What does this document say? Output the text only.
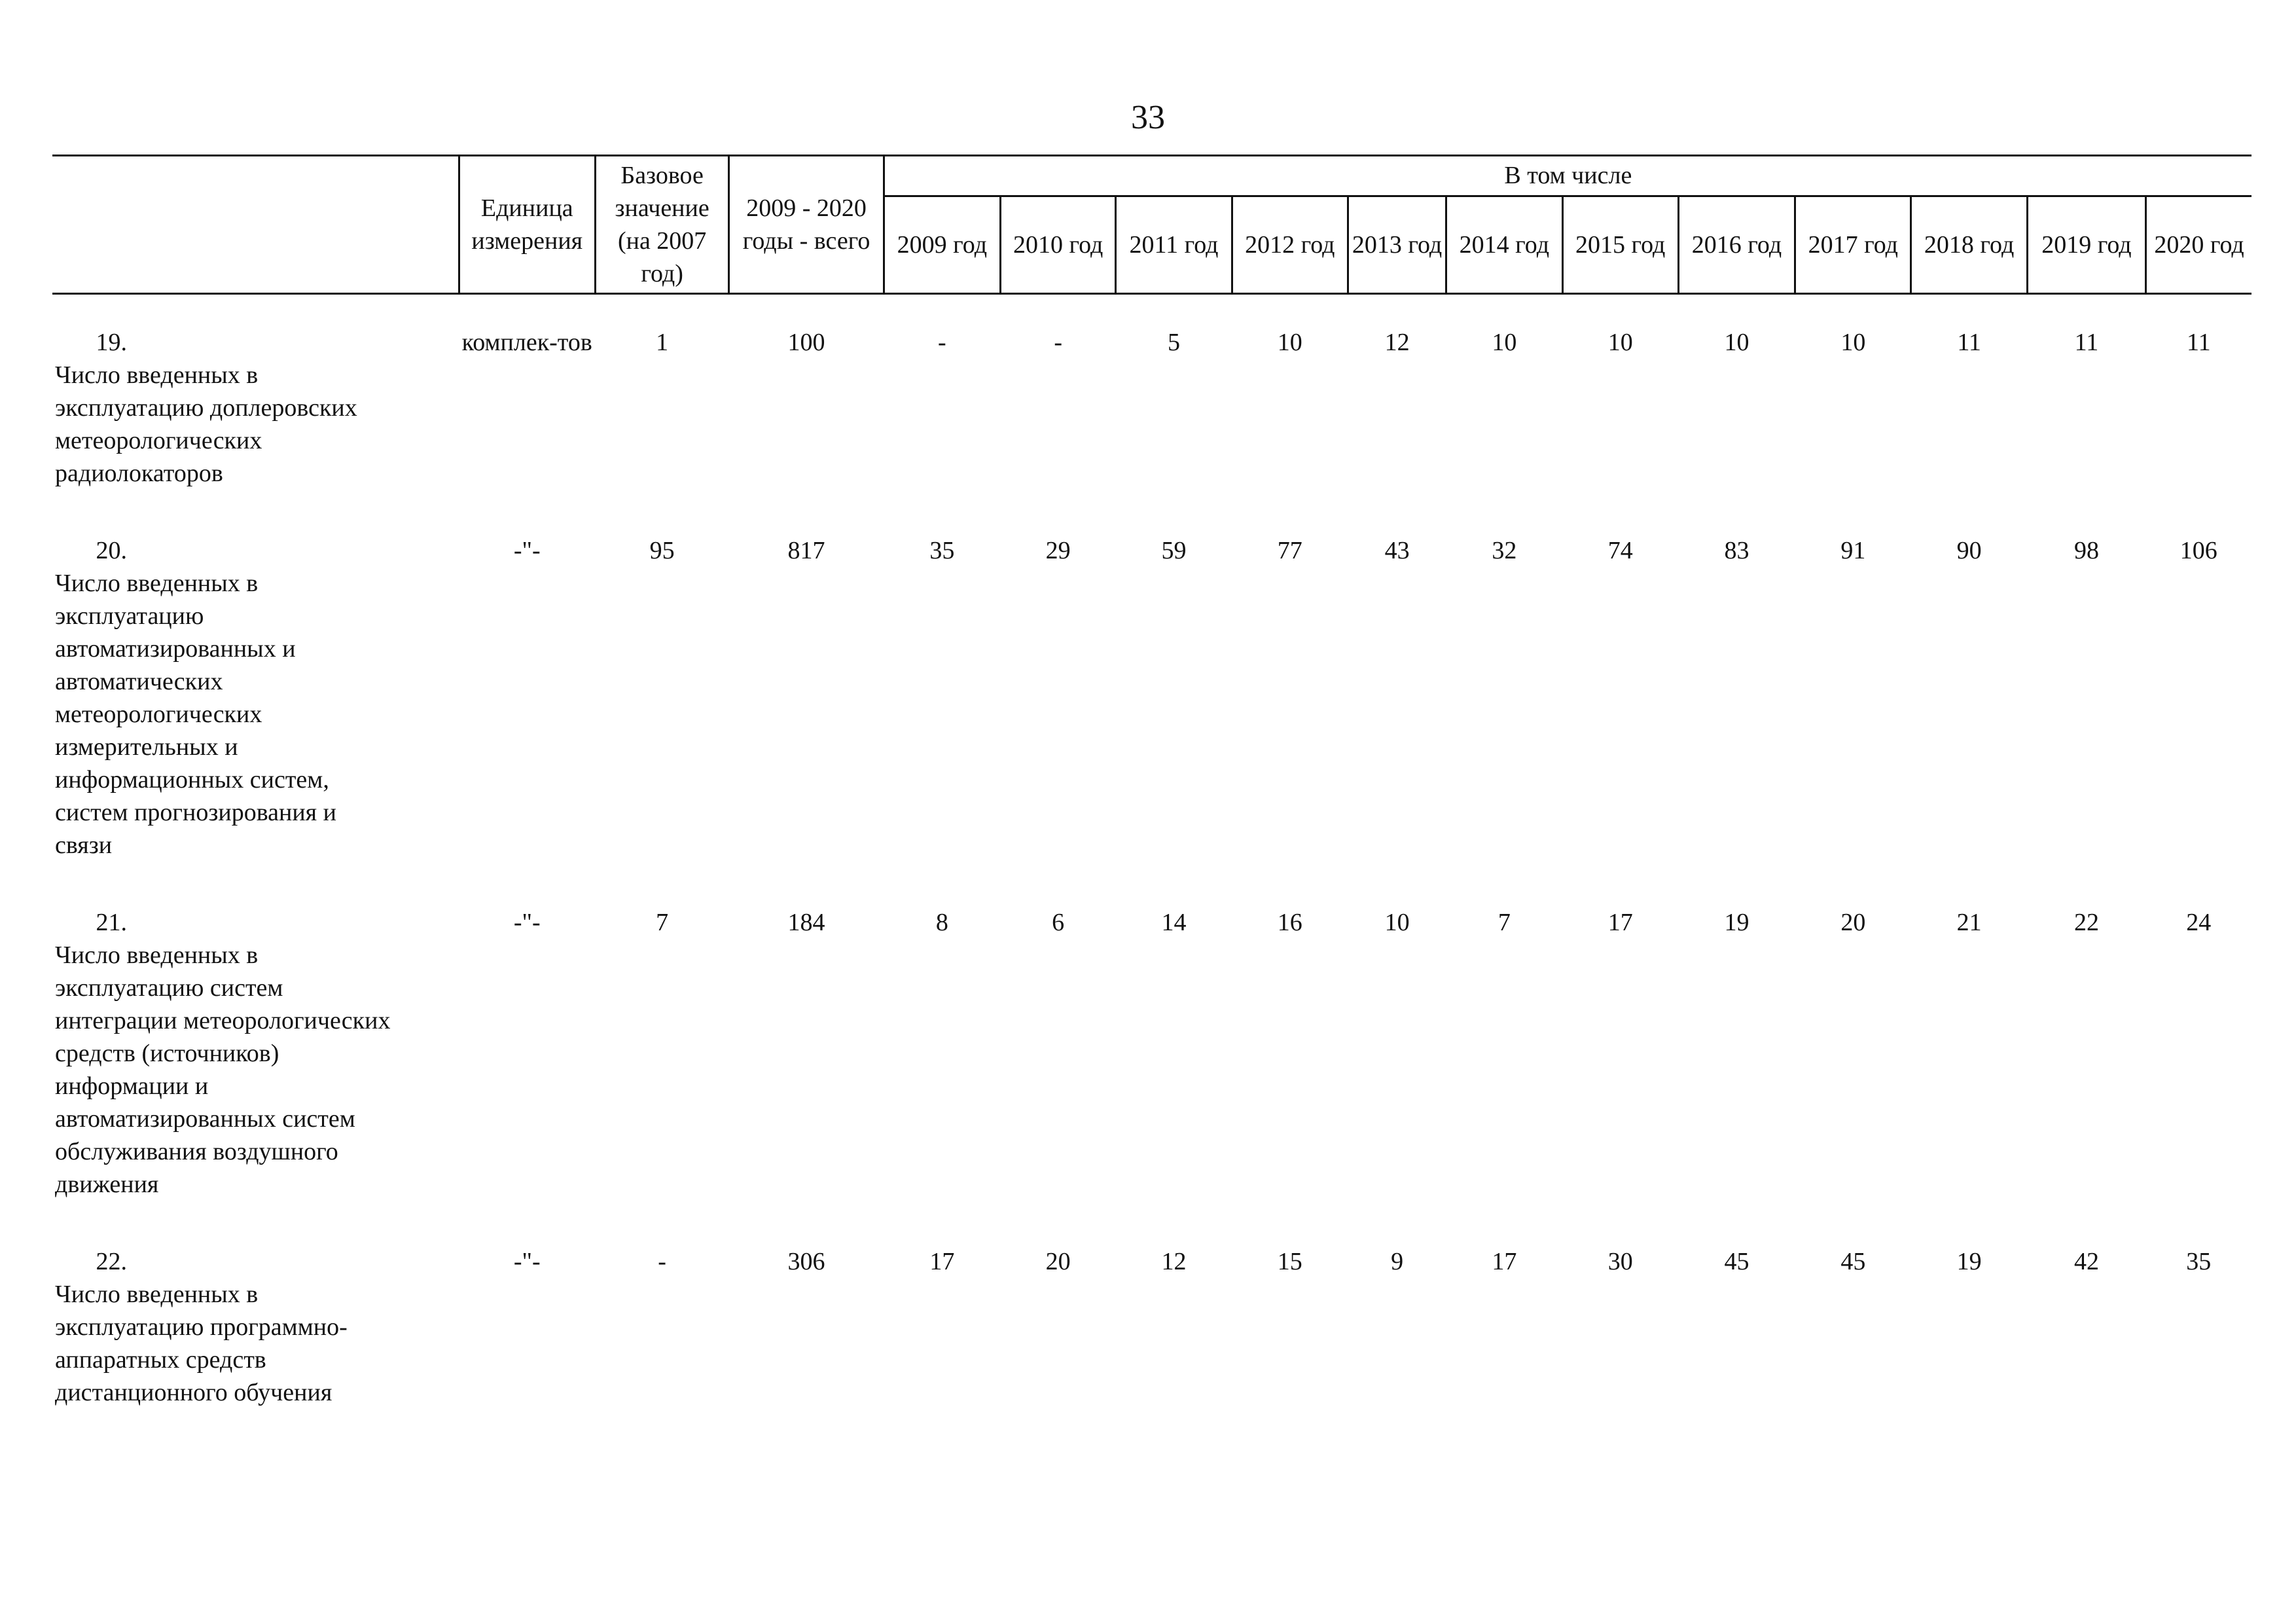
33
	Единица измерения	Базовое значение (на 2007 год)	2009 - 2020 годы - всего	В том числе											
				2009 год	2010 год	2011 год	2012 год	2013 год	2014 год	2015 год	2016 год	2017 год	2018 год	2019 год	2020 год

19.Число введенных в эксплуатацию доплеровских метеорологических радиолокаторов	комплек-тов	1	100	-	-	5	10	12	10	10	10	10	11	11	11
20.Число введенных в эксплуатацию автоматизированных и автоматических метеорологических измерительных и информационных систем, систем прогнозирования и связи	-"-	95	817	35	29	59	77	43	32	74	83	91	90	98	106
21.Число введенных в эксплуатацию систем интеграции метеорологических средств (источников) информации и автоматизированных систем обслуживания воздушного движения	-"-	7	184	8	6	14	16	10	7	17	19	20	21	22	24
22.Число введенных в эксплуатацию программно-аппаратных средств дистанционного обучения	-"-	-	306	17	20	12	15	9	17	30	45	45	19	42	35
